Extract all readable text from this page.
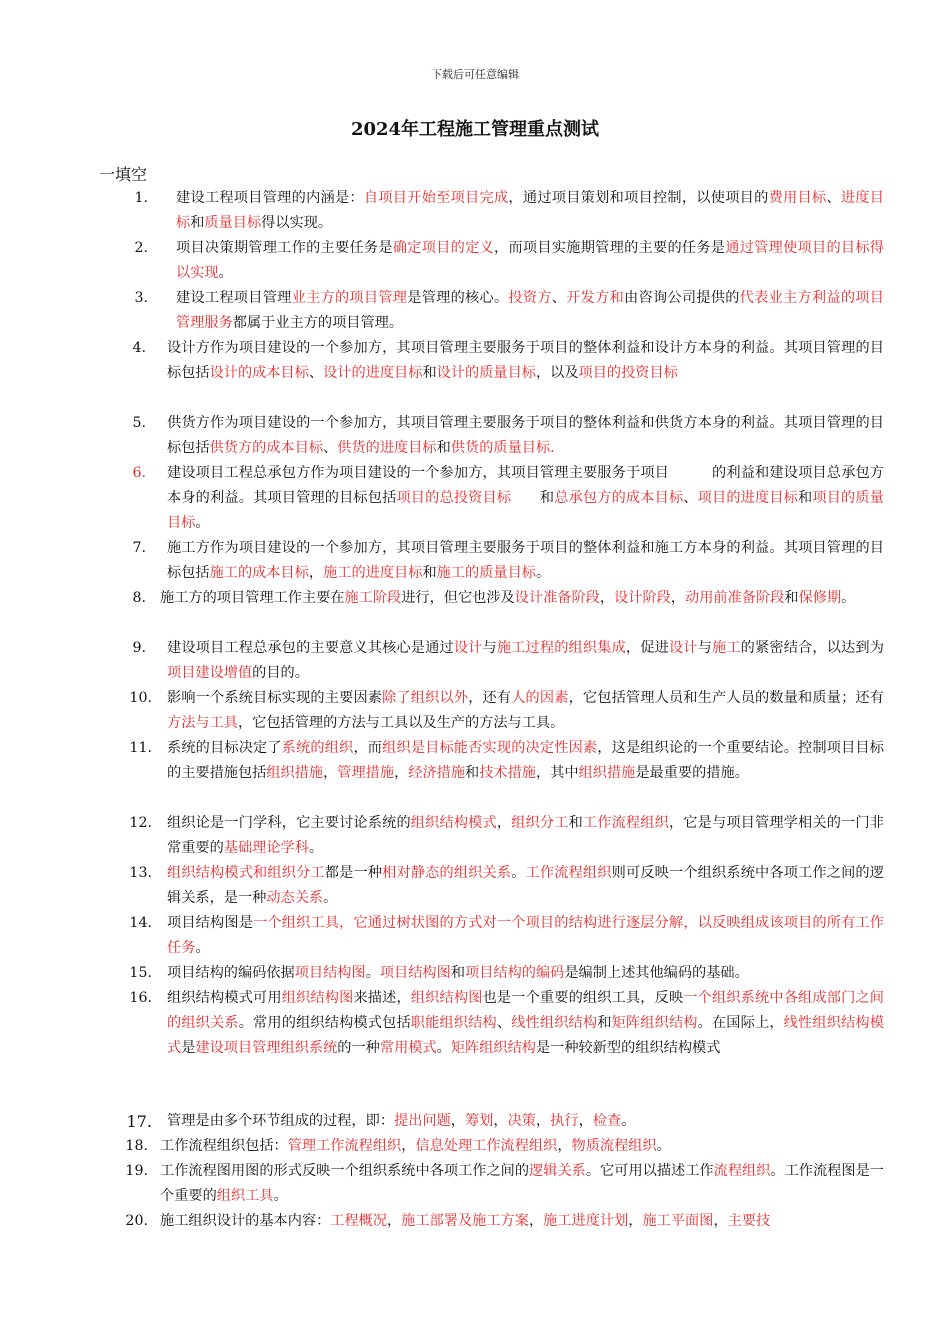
下载后可任意编辑
2024年工程施工管理重点测试
一填空
1. 建设工程项目管理的内涵是：自项目开始至项目完成，通过项目策划和项目控制，以使项目的费用目标、进度目标和质量目标得以实现。
2. 项目决策期管理工作的主要任务是确定项目的定义，而项目实施期管理的主要的任务是通过管理使项目的目标得以实现。
3. 建设工程项目管理业主方的项目管理是管理的核心。投资方、开发方和由咨询公司提供的代表业主方利益的项目管理服务都属于业主方的项目管理。
4. 设计方作为项目建设的一个参加方，其项目管理主要服务于项目的整体利益和设计方本身的利益。其项目管理的目标包括设计的成本目标、设计的进度目标和设计的质量目标，以及项目的投资目标
5. 供货方作为项目建设的一个参加方，其项目管理主要服务于项目的整体利益和供货方本身的利益。其项目管理的目标包括供货方的成本目标、供货的进度目标和供货的质量目标.
6. 建设项目工程总承包方作为项目建设的一个参加方，其项目管理主要服务于项目　　　的利益和建设项目总承包方本身的利益。其项目管理的目标包括项目的总投资目标　　和总承包方的成本目标、项目的进度目标和项目的质量目标。
7. 施工方作为项目建设的一个参加方，其项目管理主要服务于项目的整体利益和施工方本身的利益。其项目管理的目标包括施工的成本目标，施工的进度目标和施工的质量目标。
8. 施工方的项目管理工作主要在施工阶段进行，但它也涉及设计准备阶段，设计阶段，动用前准备阶段和保修期。
9. 建设项目工程总承包的主要意义其核心是通过设计与施工过程的组织集成，促进设计与施工的紧密结合，以达到为项目建设增值的目的。
10. 影响一个系统目标实现的主要因素除了组织以外，还有人的因素，它包括管理人员和生产人员的数量和质量；还有方法与工具，它包括管理的方法与工具以及生产的方法与工具。
11. 系统的目标决定了系统的组织，而组织是目标能否实现的决定性因素，这是组织论的一个重要结论。控制项目目标的主要措施包括组织措施，管理措施，经济措施和技术措施，其中组织措施是最重要的措施。
12. 组织论是一门学科，它主要讨论系统的组织结构模式，组织分工和工作流程组织，它是与项目管理学相关的一门非常重要的基础理论学科。
13. 组织结构模式和组织分工都是一种相对静态的组织关系。工作流程组织则可反映一个组织系统中各项工作之间的逻辑关系，是一种动态关系。
14. 项目结构图是一个组织工具，它通过树状图的方式对一个项目的结构进行逐层分解，以反映组成该项目的所有工作任务。
15. 项目结构的编码依据项目结构图。项目结构图和项目结构的编码是编制上述其他编码的基础。
16. 组织结构模式可用组织结构图来描述，组织结构图也是一个重要的组织工具，反映一个组织系统中各组成部门之间的组织关系。常用的组织结构模式包括职能组织结构、线性组织结构和矩阵组织结构。在国际上，线性组织结构模式是建设项目管理组织系统的一种常用模式。矩阵组织结构是一种较新型的组织结构模式
17. 管理是由多个环节组成的过程，即：提出问题，筹划，决策，执行，检查。
18. 工作流程组织包括：管理工作流程组织，信息处理工作流程组织，物质流程组织。
19. 工作流程图用图的形式反映一个组织系统中各项工作之间的逻辑关系。它可用以描述工作流程组织。工作流程图是一个重要的组织工具。
20. 施工组织设计的基本内容：工程概况，施工部署及施工方案，施工进度计划，施工平面图，主要技
